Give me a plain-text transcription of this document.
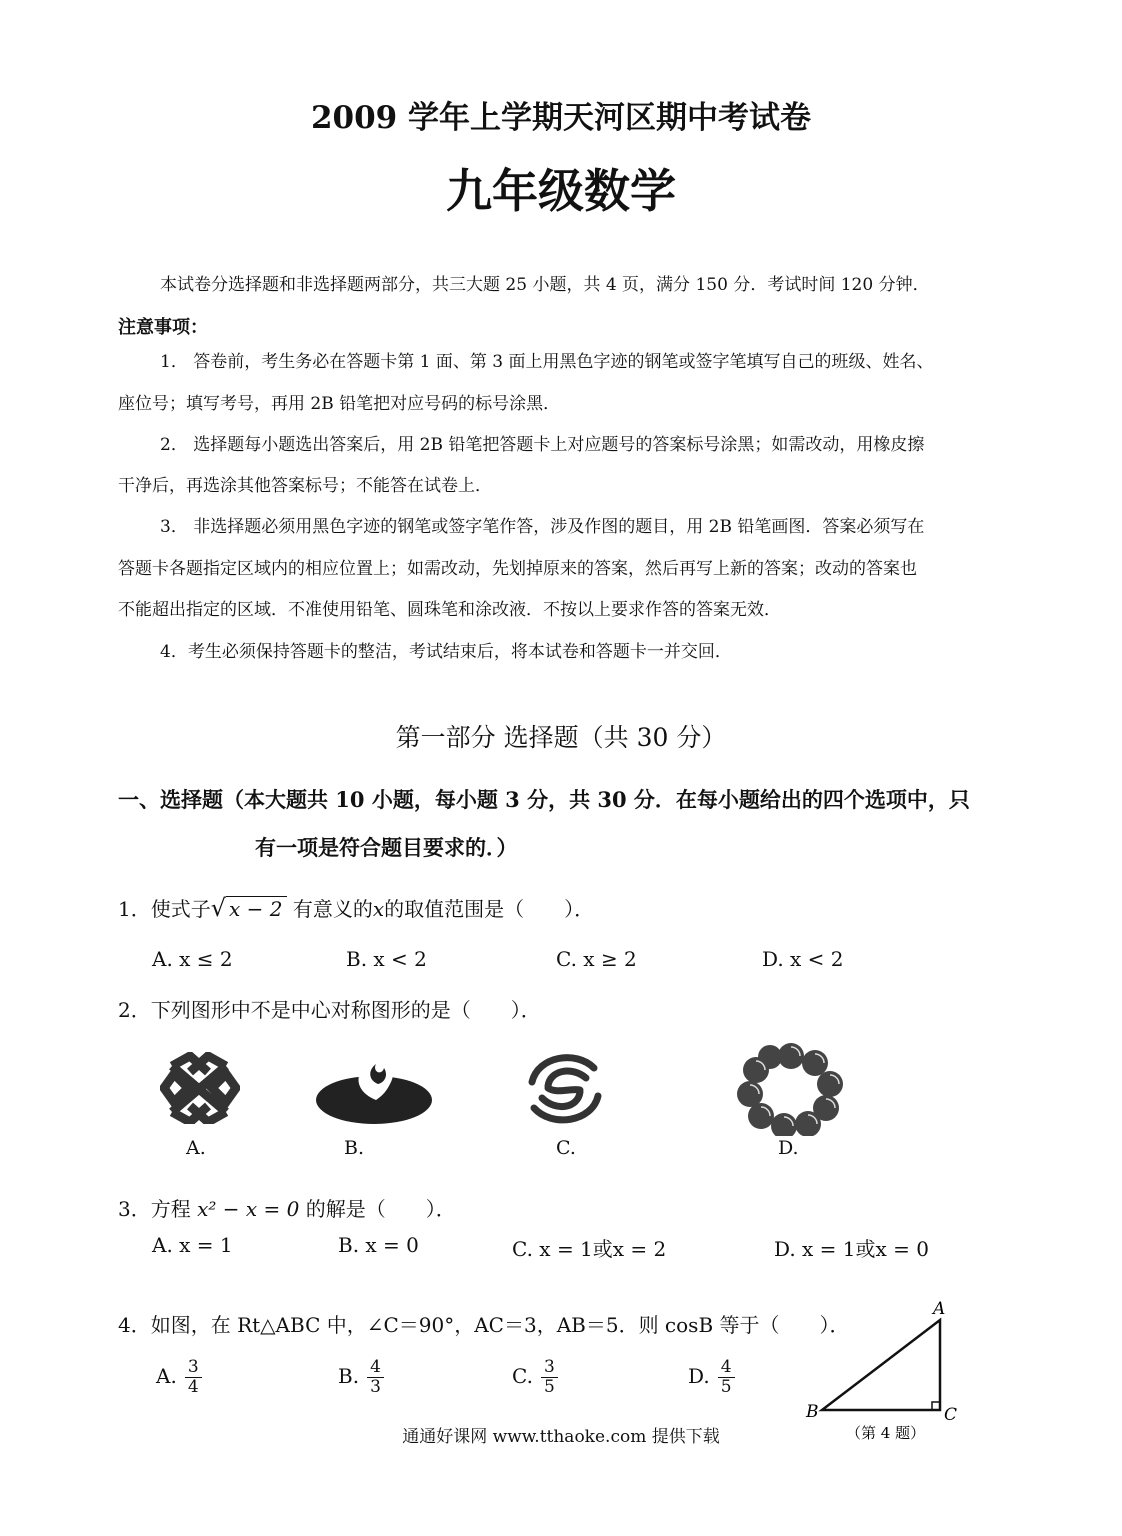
2009 学年上学期天河区期中考试卷
九年级数学
本试卷分选择题和非选择题两部分，共三大题 25 小题，共 4 页，满分 150 分．考试时间 120 分钟．
注意事项：
1． 答卷前，考生务必在答题卡第 1 面、第 3 面上用黑色字迹的钢笔或签字笔填写自己的班级、姓名、
座位号；填写考号，再用 2B 铅笔把对应号码的标号涂黑．
2． 选择题每小题选出答案后，用 2B 铅笔把答题卡上对应题号的答案标号涂黑；如需改动，用橡皮擦
干净后，再选涂其他答案标号；不能答在试卷上．
3． 非选择题必须用黑色字迹的钢笔或签字笔作答，涉及作图的题目，用 2B 铅笔画图．答案必须写在
答题卡各题指定区域内的相应位置上；如需改动，先划掉原来的答案，然后再写上新的答案；改动的答案也
不能超出指定的区域．不准使用铅笔、圆珠笔和涂改液．不按以上要求作答的答案无效．
4．考生必须保持答题卡的整洁，考试结束后，将本试卷和答题卡一并交回．
第一部分 选择题（共 30 分）
一、选择题（本大题共 10 小题，每小题 3 分，共 30 分．在每小题给出的四个选项中，只
有一项是符合题目要求的．）
1．使式子√ x − 2 有意义的x的取值范围是（　　）．
A. x ≤ 2	B. x < 2	C. x ≥ 2	D. x < 2
2．下列图形中不是中心对称图形的是（　　）．
A.	B.	C.	D.
3．方程 x² − x = 0 的解是（　　）．
A. x = 1	B. x = 0	C. x = 1或x = 2	D. x = 1或x = 0
4．如图，在 Rt△ABC 中，∠C＝90°，AC＝3，AB＝5．则 cosB 等于（　　）．
A. $\frac{3}{4}$	B. $\frac{4}{3}$	C. $\frac{3}{5}$	D. $\frac{4}{5}$
A
B	C
（第 4 题）
通通好课网 www.tthaoke.com 提供下载
